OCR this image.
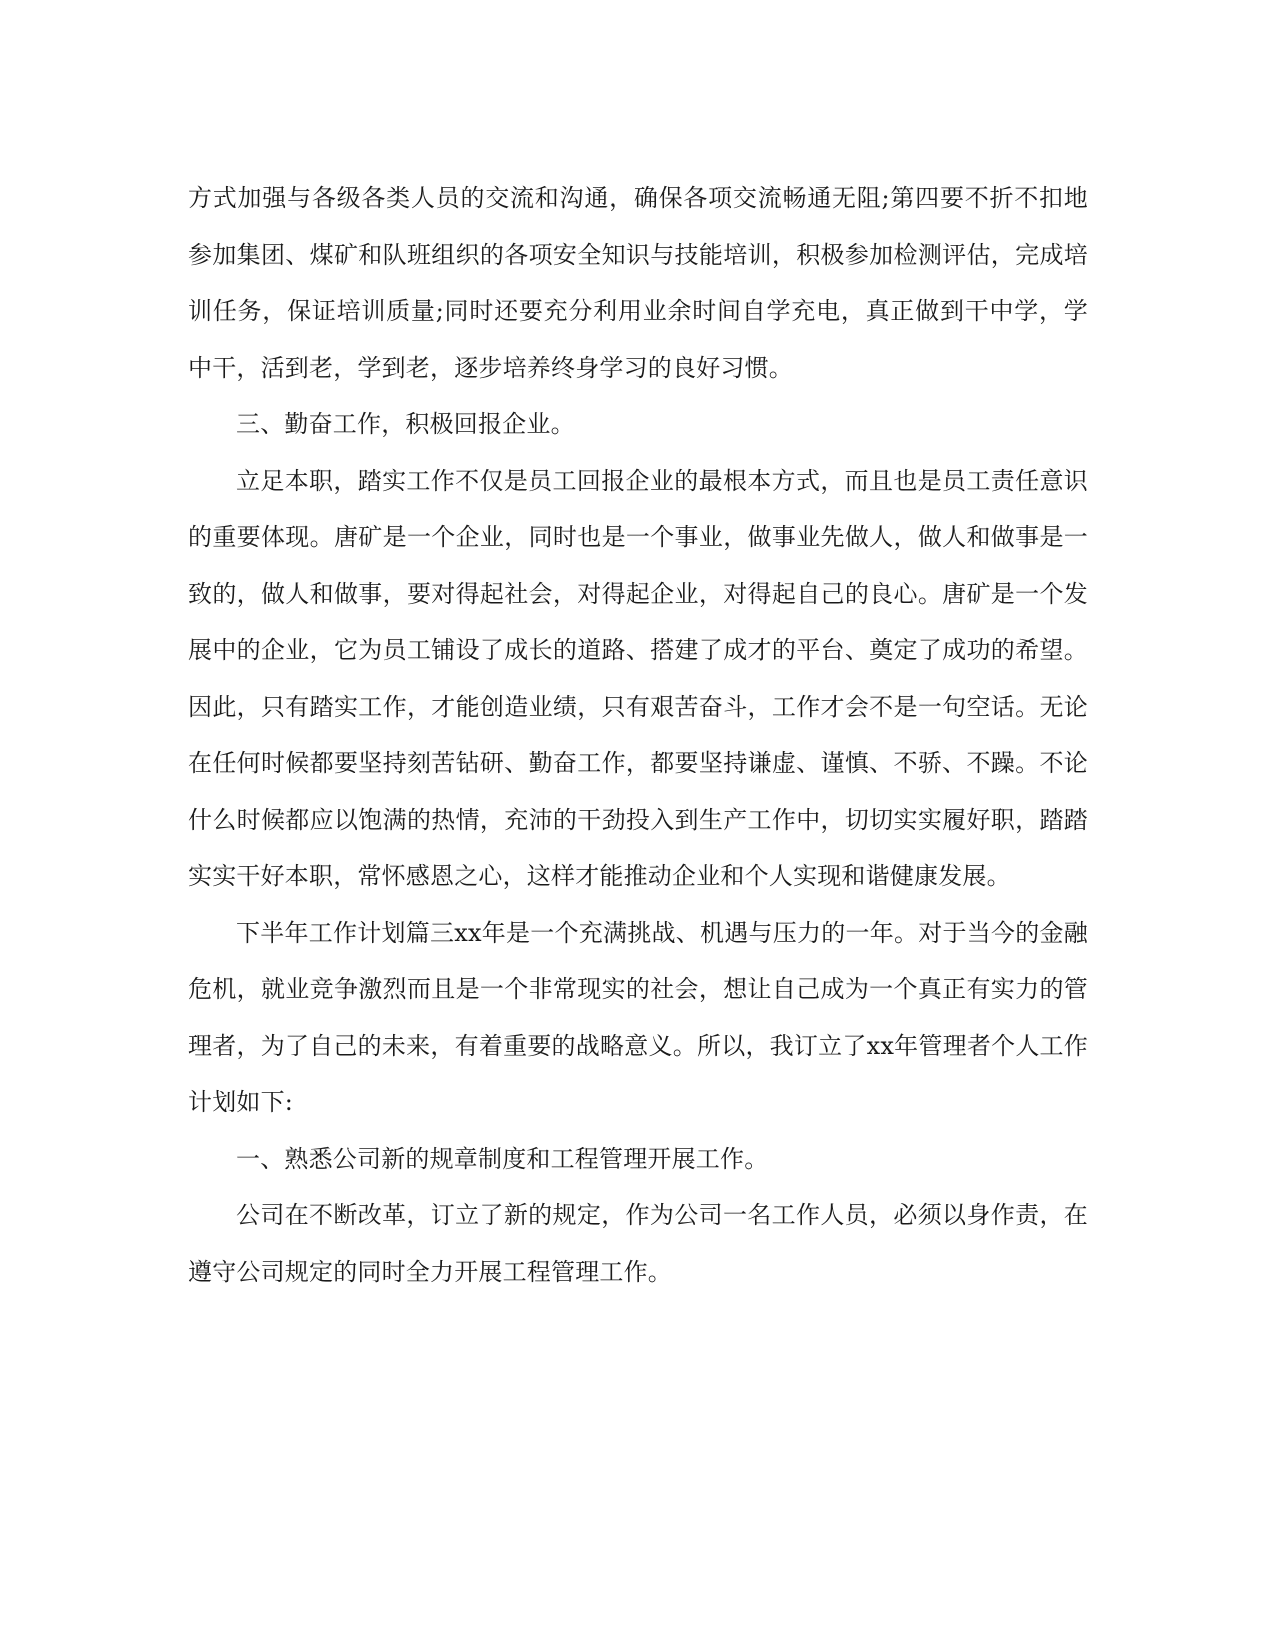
方式加强与各级各类人员的交流和沟通，确保各项交流畅通无阻;第四要不折不扣地参加集团、煤矿和队班组织的各项安全知识与技能培训，积极参加检测评估，完成培训任务，保证培训质量;同时还要充分利用业余时间自学充电，真正做到干中学，学中干，活到老，学到老，逐步培养终身学习的良好习惯。

三、勤奋工作，积极回报企业。

立足本职，踏实工作不仅是员工回报企业的最根本方式，而且也是员工责任意识的重要体现。唐矿是一个企业，同时也是一个事业，做事业先做人，做人和做事是一致的，做人和做事，要对得起社会，对得起企业，对得起自己的良心。唐矿是一个发展中的企业，它为员工铺设了成长的道路、搭建了成才的平台、奠定了成功的希望。因此，只有踏实工作，才能创造业绩，只有艰苦奋斗，工作才会不是一句空话。无论在任何时候都要坚持刻苦钻研、勤奋工作，都要坚持谦虚、谨慎、不骄、不躁。不论什么时候都应以饱满的热情，充沛的干劲投入到生产工作中，切切实实履好职，踏踏实实干好本职，常怀感恩之心，这样才能推动企业和个人实现和谐健康发展。

下半年工作计划篇三xx年是一个充满挑战、机遇与压力的一年。对于当今的金融危机，就业竞争激烈而且是一个非常现实的社会，想让自己成为一个真正有实力的管理者，为了自己的未来，有着重要的战略意义。所以，我订立了xx年管理者个人工作计划如下:

一、熟悉公司新的规章制度和工程管理开展工作。

公司在不断改革，订立了新的规定，作为公司一名工作人员，必须以身作责，在遵守公司规定的同时全力开展工程管理工作。
